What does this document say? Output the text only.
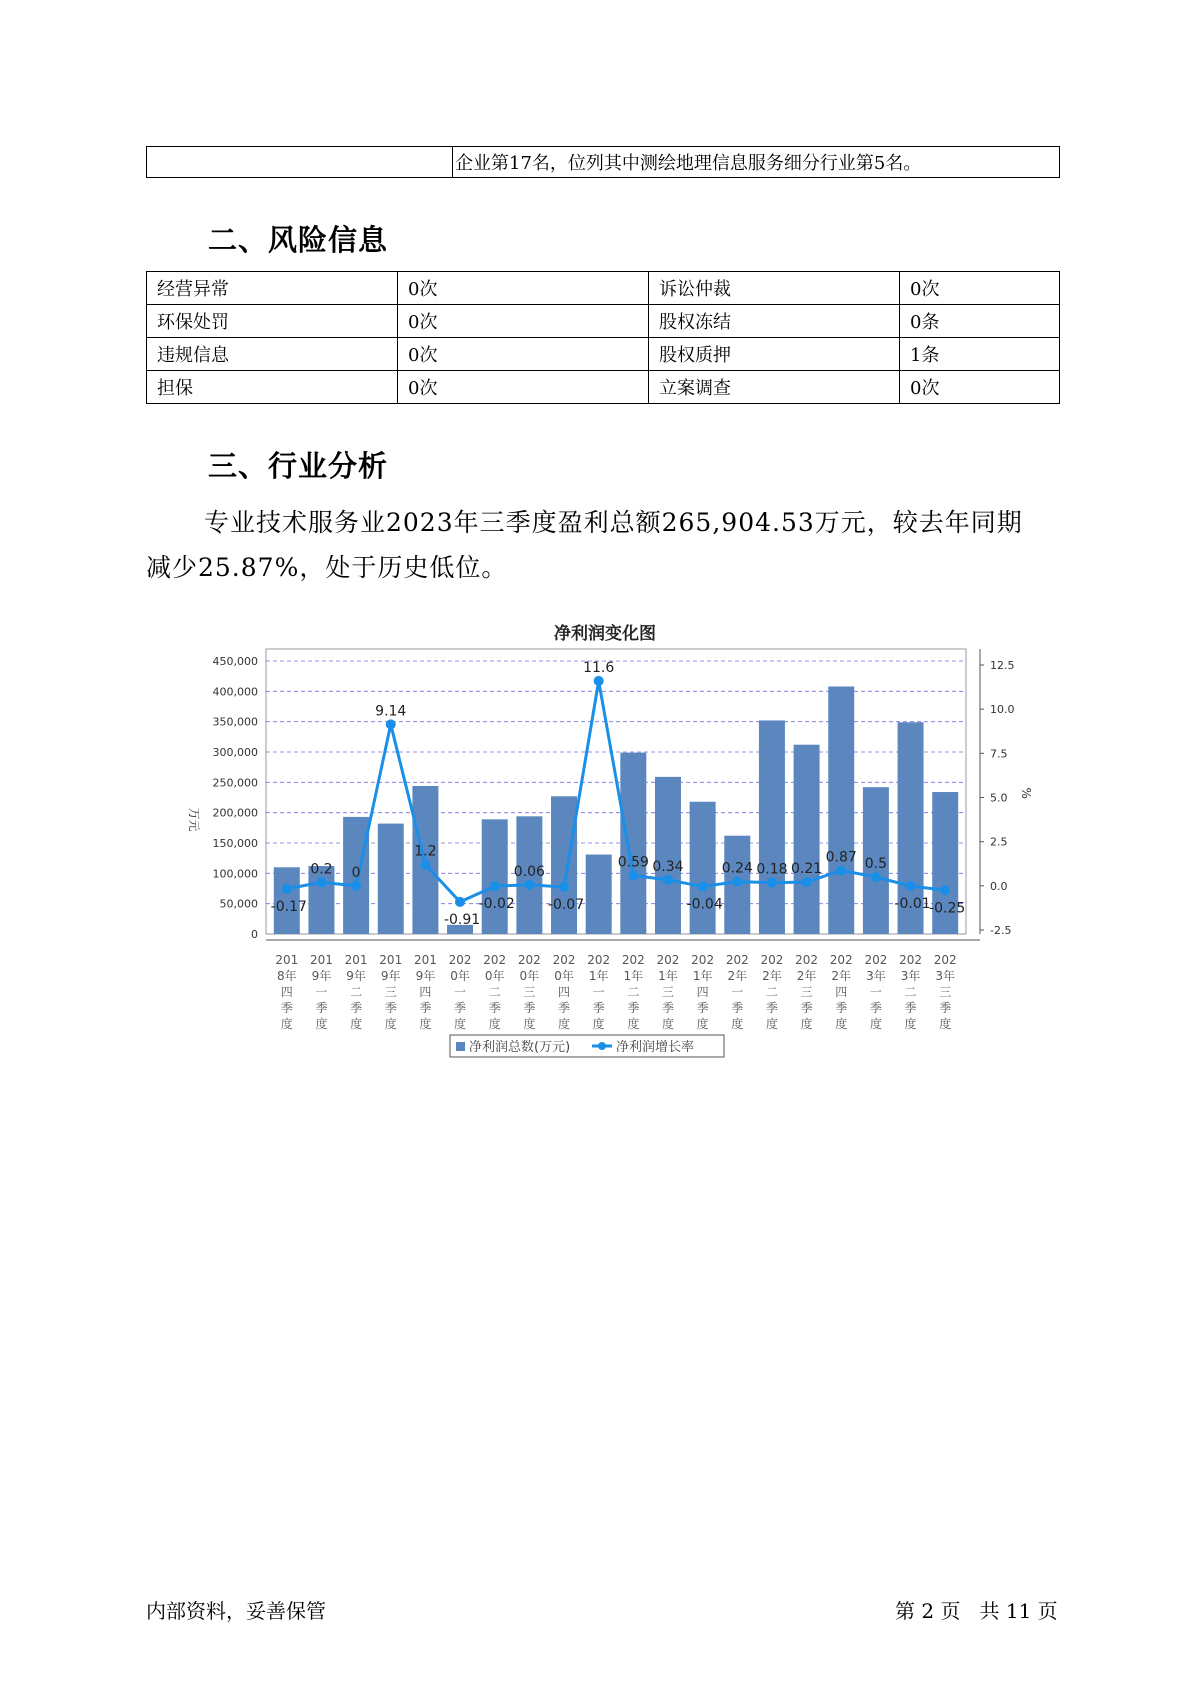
	企业第17名，位列其中测绘地理信息服务细分行业第5名。
二、风险信息
经营异常	0次	诉讼仲裁	0次
环保处罚	0次	股权冻结	0条
违规信息	0次	股权质押	1条
担保	0次	立案调查	0次
三、行业分析
专业技术服务业2023年三季度盈利总额265,904.53万元，较去年同期减少25.87%，处于历史低位。
净利润变化图
0
50,000
100,000
150,000
200,000
250,000
300,000
350,000
400,000
450,000
-2.5
0.0
2.5
5.0
7.5
10.0
12.5
万元
%
-0.17
0.2 0
9.14
1.2
-0.91
-0.02
0.06
-0.07
11.6
0.59 0.34
-0.04
0.24 0.18 0.21
0.87 0.5
-0.01
-0.25
201
8年
四
季
度
201
9年
一
季
度
201
9年
二
季
度
201
9年
三
季
度
201
9年
四
季
度
202
0年
一
季
度
202
0年
二
季
度
202
0年
三
季
度
202
0年
四
季
度
202
1年
一
季
度
202
1年
二
季
度
202
1年
三
季
度
202
1年
四
季
度
202
2年
一
季
度
202
2年
二
季
度
202
2年
三
季
度
202
2年
四
季
度
202
3年
一
季
度
202
3年
二
季
度
202
3年
三
季
度
净利润总数(万元)	净利润增长率
内部资料，妥善保管	第 2 页   共 11 页
